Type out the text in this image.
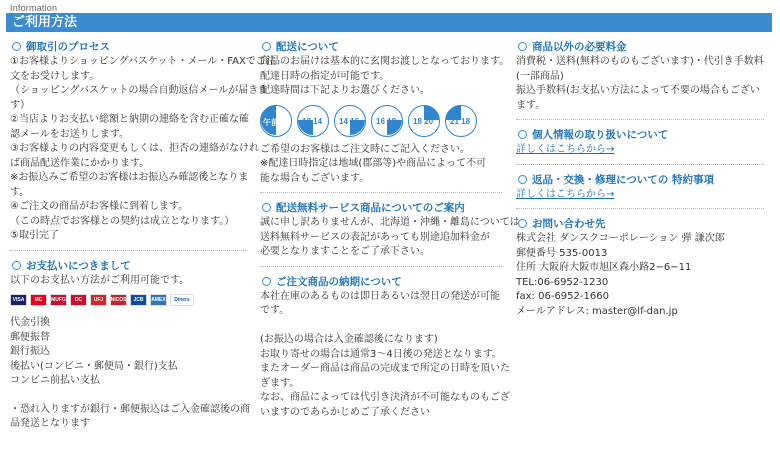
Information
ご利用方法
御取引のプロセス
①お客様よりショッピングバスケット・メール・FAXでご注
文をお受けします。
（ショッピングバスケットの場合自動返信メールが届きま
す）
②当店よりお支払い総額と納期の連絡を含む正確な確
認メールをお送りします。
③お客様よりの内容変更もしくは、拒否の連絡がなけれ
ば商品配送作業にかかります。
※お振込みご希望のお客様はお振込み確認後となりま
す。
④ご注文の商品がお客様に到着します。
（この時点でお客様との契約は成立となります。）
⑤取引完了
お支払いにつきまして
以下のお支払い方法がご利用可能です。
VISA	MC	MUFG	DC	UFJ	NICOS	JCB	AMEX	Diners
代金引換
郵便振替
銀行振込
後払い(コンビニ・郵便局・銀行)支払
コンビニ前払い支払
・恐れ入りますが銀行・郵便振込はご入金確認後の商
品発送となります
配送について
商品のお届けは基本的に玄関お渡しとなっております。
配達日時の指定が可能です。
配達時間は下記よりお選びください。
午前中 12 14 14 16 16 18 18 20 21 18
ご希望のお客様はご注文時にご記入ください。
※配達日時指定は地域(郡部等)や商品によって不可
能な場合もございます。
配送無料サービス商品についてのご案内
誠に申し訳ありませんが、北海道・沖縄・離島については
送料無料サービスの表記があっても別途追加料金が
必要となりますことをご了承下さい。
ご注文商品の納期について
本社在庫のあるものは即日あるいは翌日の発送が可能
です。
(お振込の場合は入金確認後になります)
お取り寄せの場合は通常3〜4日後の発送となります。
またオーダー商品は商品の完成まで所定の日時を頂いた
ぎます。
なお、商品によっては代引き決済が不可能なものもござ
いますのであらかじめご了承ください
商品以外の必要料金
消費税・送料(無料のものもございます)・代引き手数料
(一部商品)
振込手数料(お支払い方法によって不要の場合もござい
ます。
個人情報の取り扱いについて
詳しくはこちらから→
返品・交換・修理についての 特約事項
詳しくはこちらから→
お問い合わせ先
株式会社 ダンスクコーポレーション 弾 謙次郎
郵便番号 535-0013
住所 大阪府大阪市旭区森小路2−6−11
TEL:06-6952-1230
fax: 06-6952-1660
メールアドレス: master@lf-dan.jp
